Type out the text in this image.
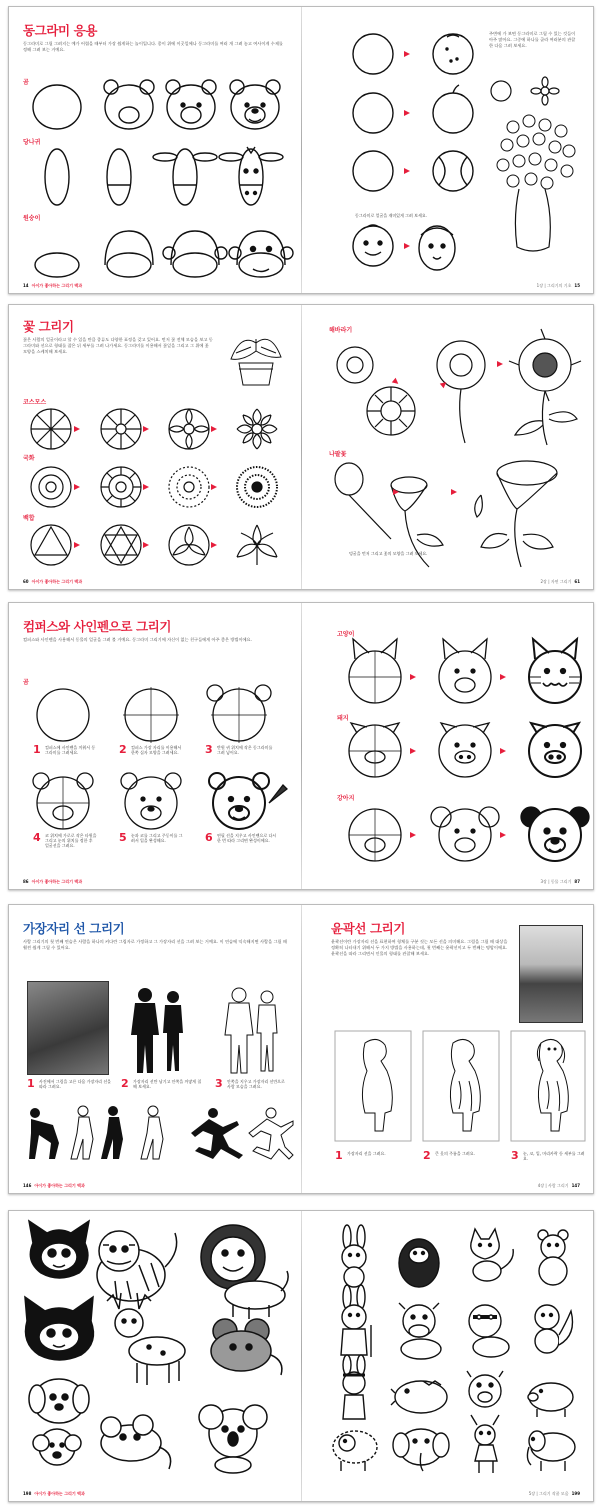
동그라미 응용
동그라미로 그릴 그려지는 예가 어렵을 때부터 가장 쉽게하는 놀이입니다. 종이 위에 이곳일에나 동그라미를 여러 개 그려 놓고 여사이게 수제를 정해 그려 보는 거예요.
곰
당나귀
원숭이
14 아이가 좋아하는 그리기 백과
주변에 가 보면 동그라미로 그릴 수 있는 것들이 아주 많아요. 그중에 하나를 골라 여러분의 관찰한 다음 그려 보세요.
동그라미로 얼굴을 재미있게 그려 보세요.
1장 | 그리기의 기초 15
꽃 그리기
꽃은 사람의 얼굴이라고 할 수 있을 만큼 종류도 다양한 표정을 갖고 있어요. 먼저 꽃 전체 모습을 보고 동그라미와 선으로 형태를 잡은 뒤 세부를 그려 나가세요. 동그라미를 이용해서 꽃잎을 그리고 그 위에 꽃 모양을 스케치해 보세요.
코스모스
국화
백합
60 아이가 좋아하는 그리기 백과
해바라기
나팔꽃
덩굴을 먼저 그리고 꽃의 모양을 그려 보세요.
2장 | 자연 그리기 61
컴퍼스와 사인펜으로 그리기
컴퍼스와 사인펜을 사용해서 동물의 얼굴을 그려 볼 거예요. 동그라미 그리기에 자신이 없는 친구들에게 아주 좋은 방법이에요.
곰
1 컴퍼스에 사인펜을 끼워서 동그라미를 그려세요.	2 컴퍼스 가장 자리를 이용해서 한쪽 십자 모양을 그려세요.	3 반원 귀 위치에 작은 동그라미를 그려 넣어요.
4 코 위치에 가로로 작은 타원을 그리고 눈의 위치를 정한 후 얼굴선을 그려요.
5 눈과 코를 그리고 주둥이를 그려서 입을 완성해요.	6 연필 선을 지우고 사인펜으로 다시 한 번 따라 그리면 완성이에요.
86 아이가 좋아하는 그리기 백과
고양이
돼지
강아지
3장 | 동물 그리기 87
가장자리 선 그리기
사람 그리기의 첫 번째 연습은 사람을 하나의 커다란 그림자로 가정하고 그 가장자리 선을 그려 보는 거예요. 이 연습에 익숙해지면 사람을 그릴 때 훨씬 쉽게 그릴 수 있어요.
1 사진에서 그림을 고른 다음 가장자리 선을 따라 그려요.	2 가장자리 선만 남기고 안쪽을 까맣게 칠해 보세요.	3 안쪽을 지우고 가장자리 선만으로 사람 모습을 그려요.
146 아이가 좋아하는 그리기 백과
윤곽선 그리기
윤곽선이란 가장자리 선을 표현하여 형체를 구분 짓는 모든 선을 의미해요. 그림을 그릴 때 대상을 정확히 나타내기 위해서 두 가지 방법을 사용하는데, 첫 번째는 윤곽선이고 두 번째는 명암이에요. 윤곽선을 따라 그리면서 인물의 형태를 관찰해 보세요.
1 가장자리 선을 그려요.	2 큰 옷의 주름을 그려요.	3 눈, 코, 입, 머리카락 등 세부를 그려요.
4장 | 사람 그리기 147
198 아이가 좋아하는 그리기 백과	5장 | 그리기 작품 모음 199
